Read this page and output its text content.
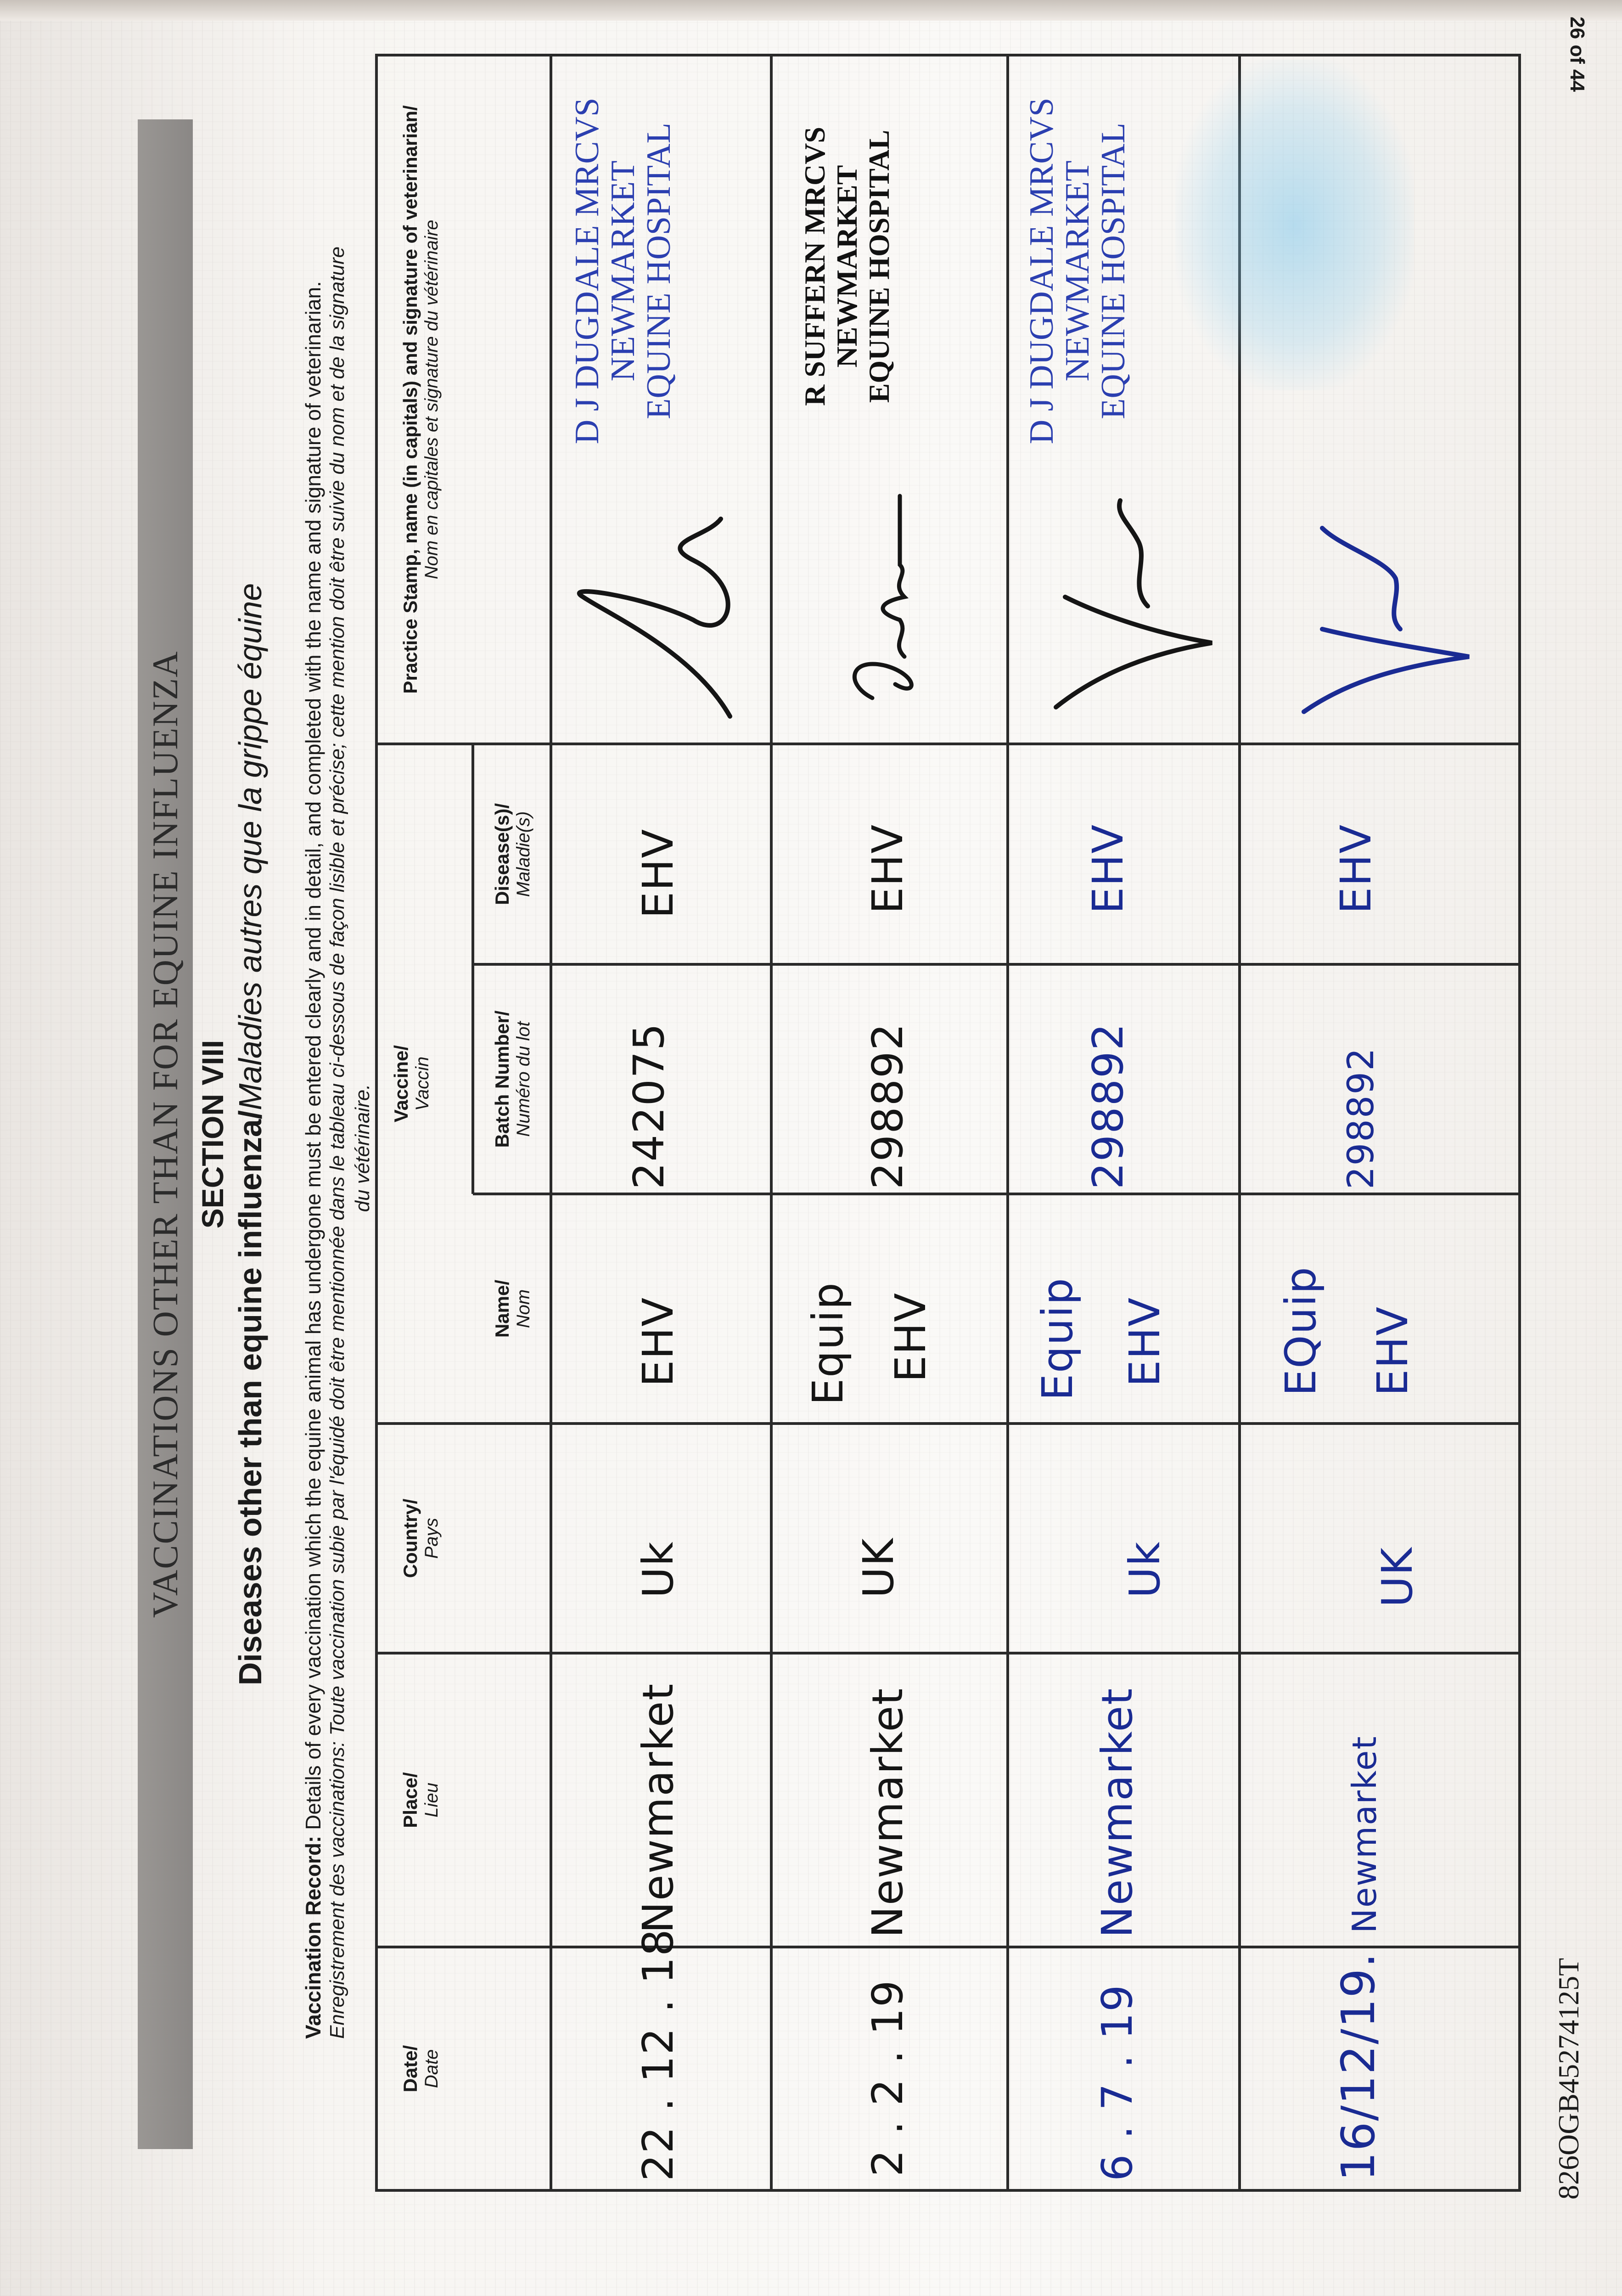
VACCINATIONS OTHER THAN FOR EQUINE INFLUENZA SECTION VIII Diseases other than equine influenza/Maladies autres que la grippe équine
Vaccination Record: Details of every vaccination which the equine animal has undergone must be entered clearly and in detail, and completed with the name and signature of veterinarian. Enregistrement des vaccinations: Toute vaccination subie par l'équidé doit être mentionnée dans le tableau ci-dessous de façon lisible et précise; cette mention doit être suivie du nom et de la signature du vétérinaire.
Date/ Date
Place/ Lieu
Country/ Pays
Vaccine/ Vaccin
Name/ Nom
Batch Number/ Numéro du lot
Disease(s)/ Maladie(s)
Practice Stamp, name (in capitals) and signature of veterinarian/ Nom en capitales et signature du vétérinaire
22 . 12 . 18
Newmarket
Uk
EHV
242075
EHV
D J DUGDALE MRCVS
NEWMARKET
EQUINE HOSPITAL
2 . 2 . 19
Newmarket
UK
Equip EHV
298892
EHV
R SUFFERN MRCVS NEWMARKET EQUINE HOSPITAL
6 . 7 . 19
Newmarket
Uk
Equip EHV
298892
EHV
D J DUGDALE MRCVS
NEWMARKET
EQUINE HOSPITAL
16/12/19.
Newmarket
UK
EQuip EHV
298892
EHV
26 of 44
826OGB4527412​5T
